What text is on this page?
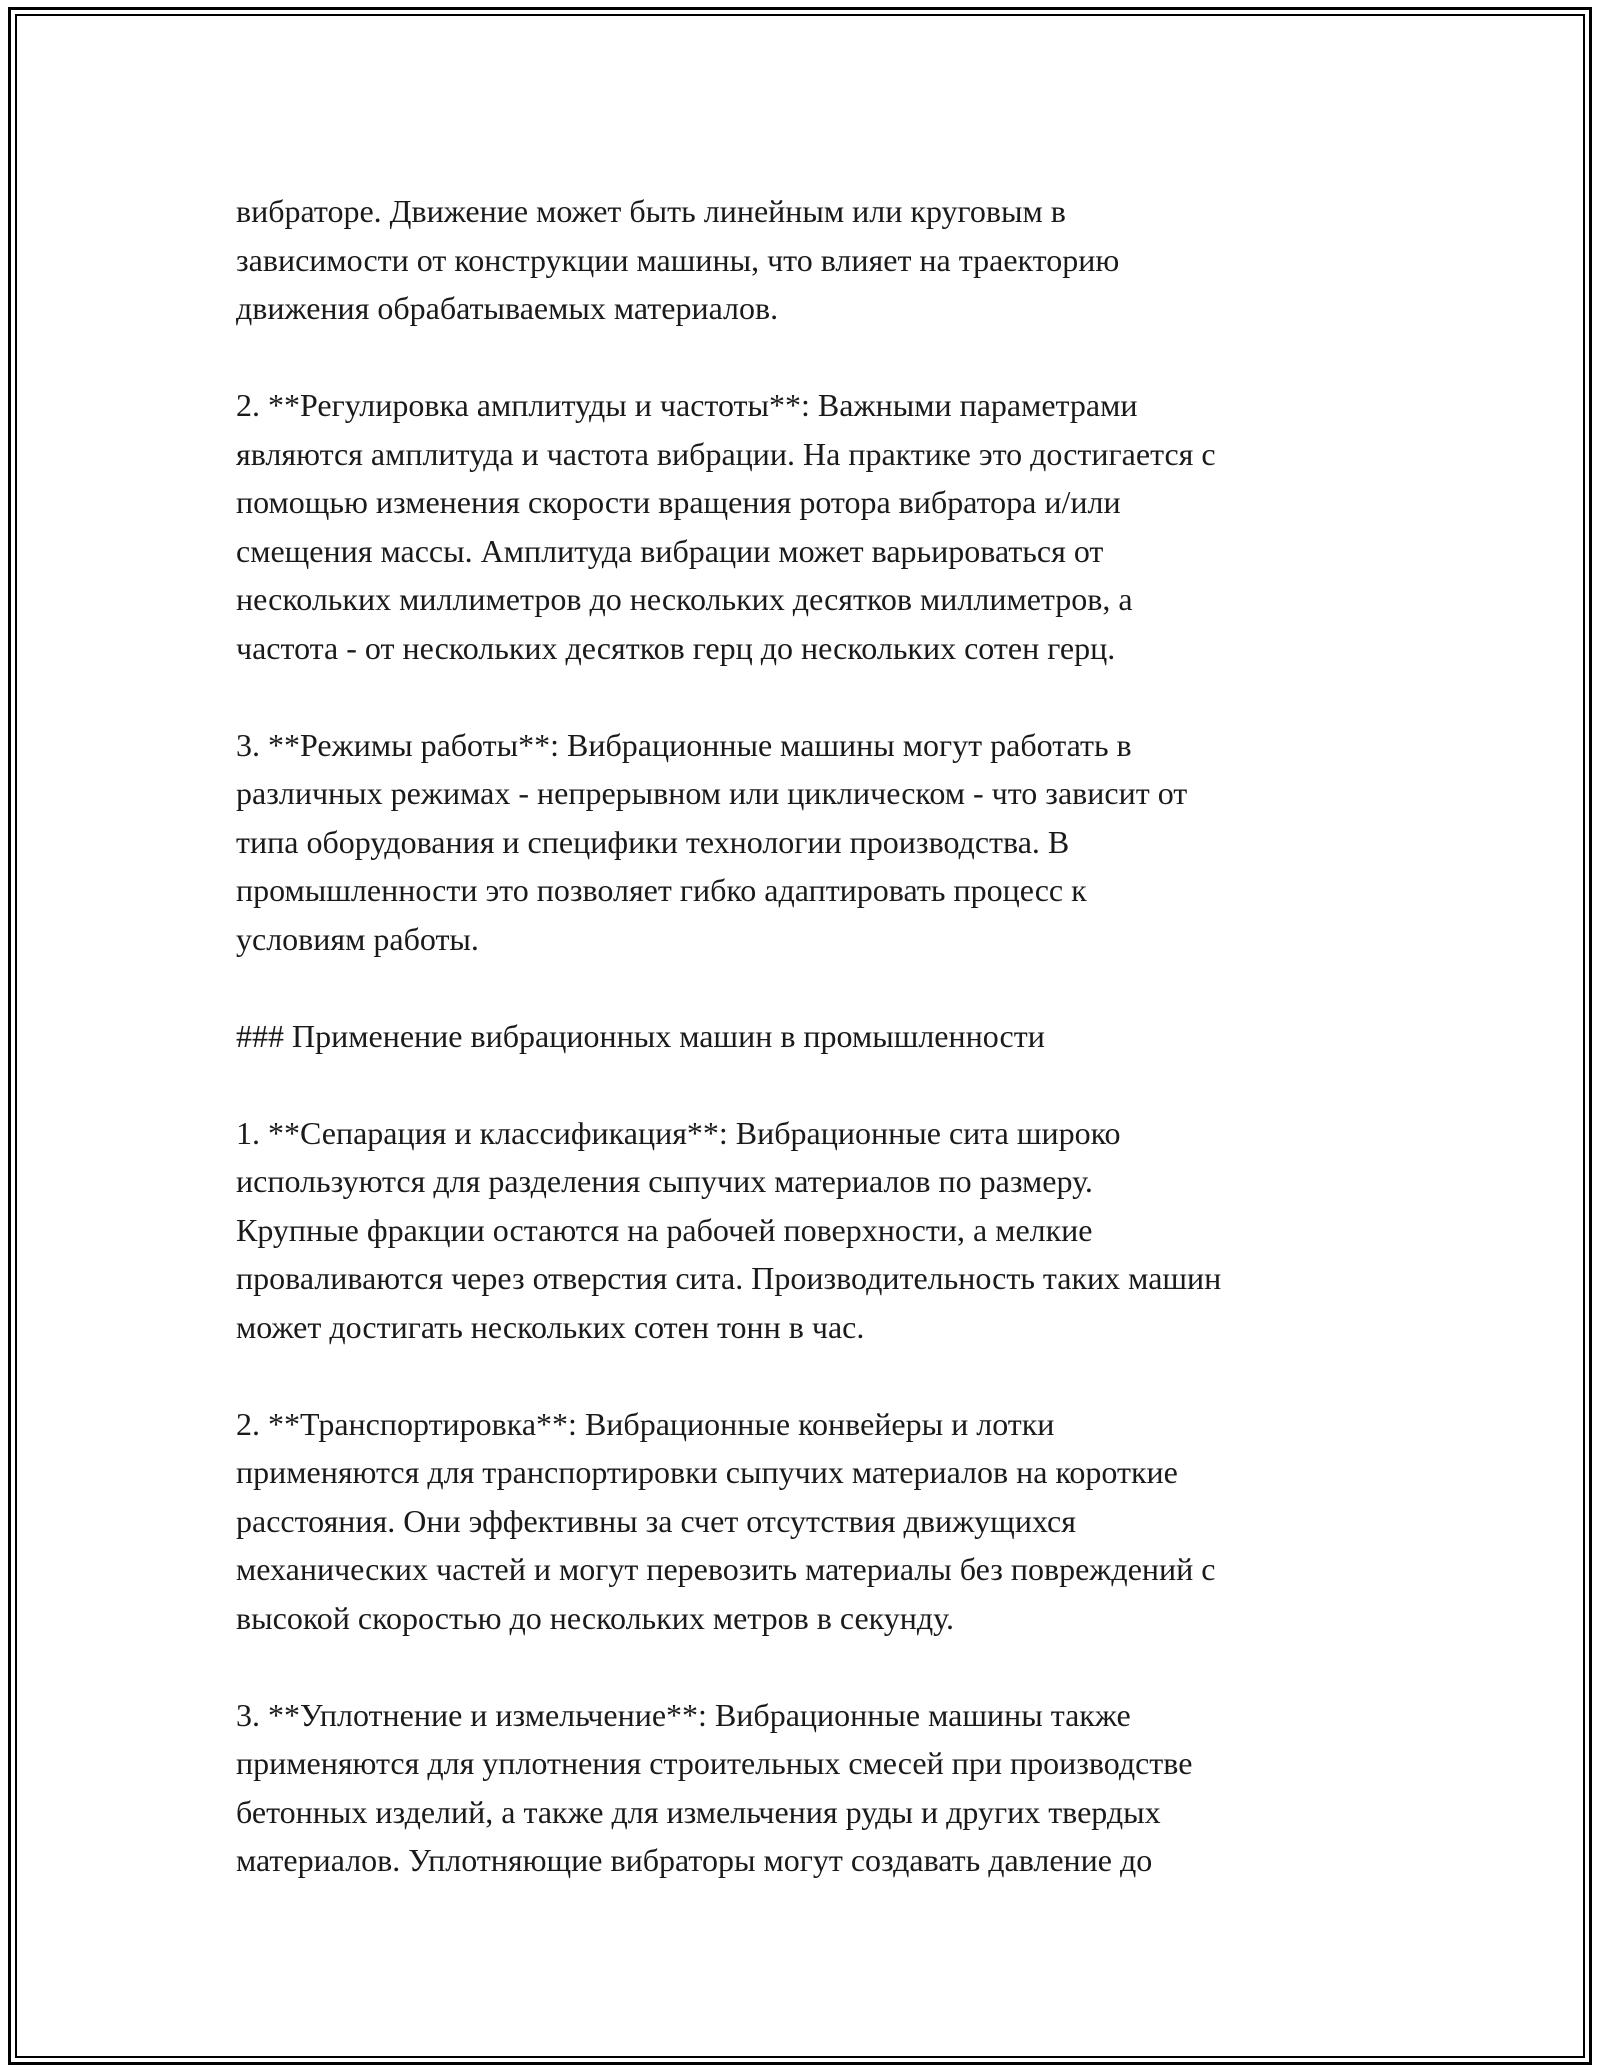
вибраторе. Движение может быть линейным или круговым в
зависимости от конструкции машины, что влияет на траекторию
движения обрабатываемых материалов.
2. **Регулировка амплитуды и частоты**: Важными параметрами
являются амплитуда и частота вибрации. На практике это достигается с
помощью изменения скорости вращения ротора вибратора и/или
смещения массы. Амплитуда вибрации может варьироваться от
нескольких миллиметров до нескольких десятков миллиметров, а
частота - от нескольких десятков герц до нескольких сотен герц.
3. **Режимы работы**: Вибрационные машины могут работать в
различных режимах - непрерывном или циклическом - что зависит от
типа оборудования и специфики технологии производства. В
промышленности это позволяет гибко адаптировать процесс к
условиям работы.
### Применение вибрационных машин в промышленности
1. **Сепарация и классификация**: Вибрационные сита широко
используются для разделения сыпучих материалов по размеру.
Крупные фракции остаются на рабочей поверхности, а мелкие
проваливаются через отверстия сита. Производительность таких машин
может достигать нескольких сотен тонн в час.
2. **Транспортировка**: Вибрационные конвейеры и лотки
применяются для транспортировки сыпучих материалов на короткие
расстояния. Они эффективны за счет отсутствия движущихся
механических частей и могут перевозить материалы без повреждений с
высокой скоростью до нескольких метров в секунду.
3. **Уплотнение и измельчение**: Вибрационные машины также
применяются для уплотнения строительных смесей при производстве
бетонных изделий, а также для измельчения руды и других твердых
материалов. Уплотняющие вибраторы могут создавать давление до
